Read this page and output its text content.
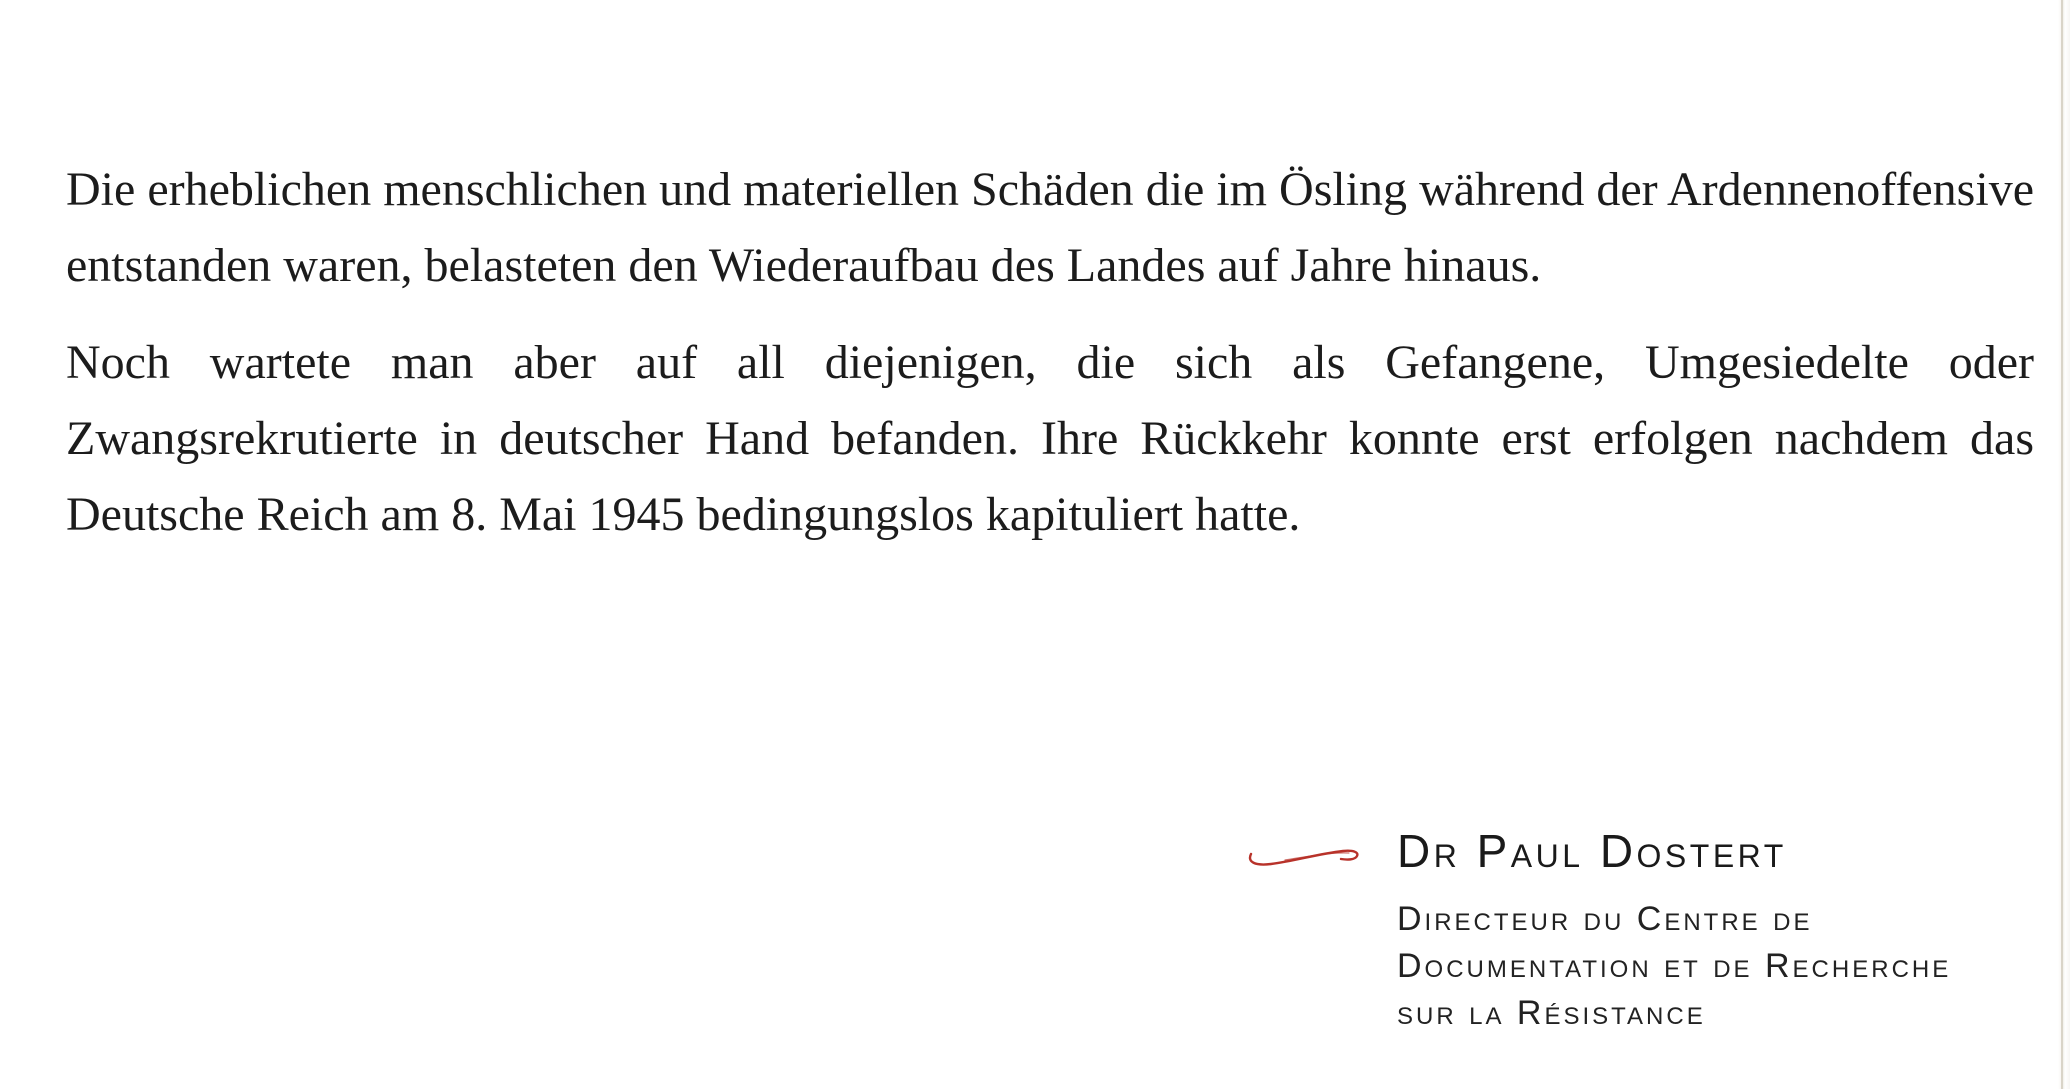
Die erheblichen menschlichen und materiellen Schäden die im Ösling während der Ardennenoffensive entstanden waren, belasteten den Wiederaufbau des Landes auf Jahre hinaus.

Noch wartete man aber auf all diejenigen, die sich als Gefangene, Umgesiedelte oder Zwangsrekrutierte in deutscher Hand befanden. Ihre Rückkehr konnte erst erfolgen nachdem das Deutsche Reich am 8. Mai 1945 bedingungslos kapituliert hatte.

Dr Paul Dostert
Directeur du Centre de
Documentation et de Recherche
sur la Résistance
